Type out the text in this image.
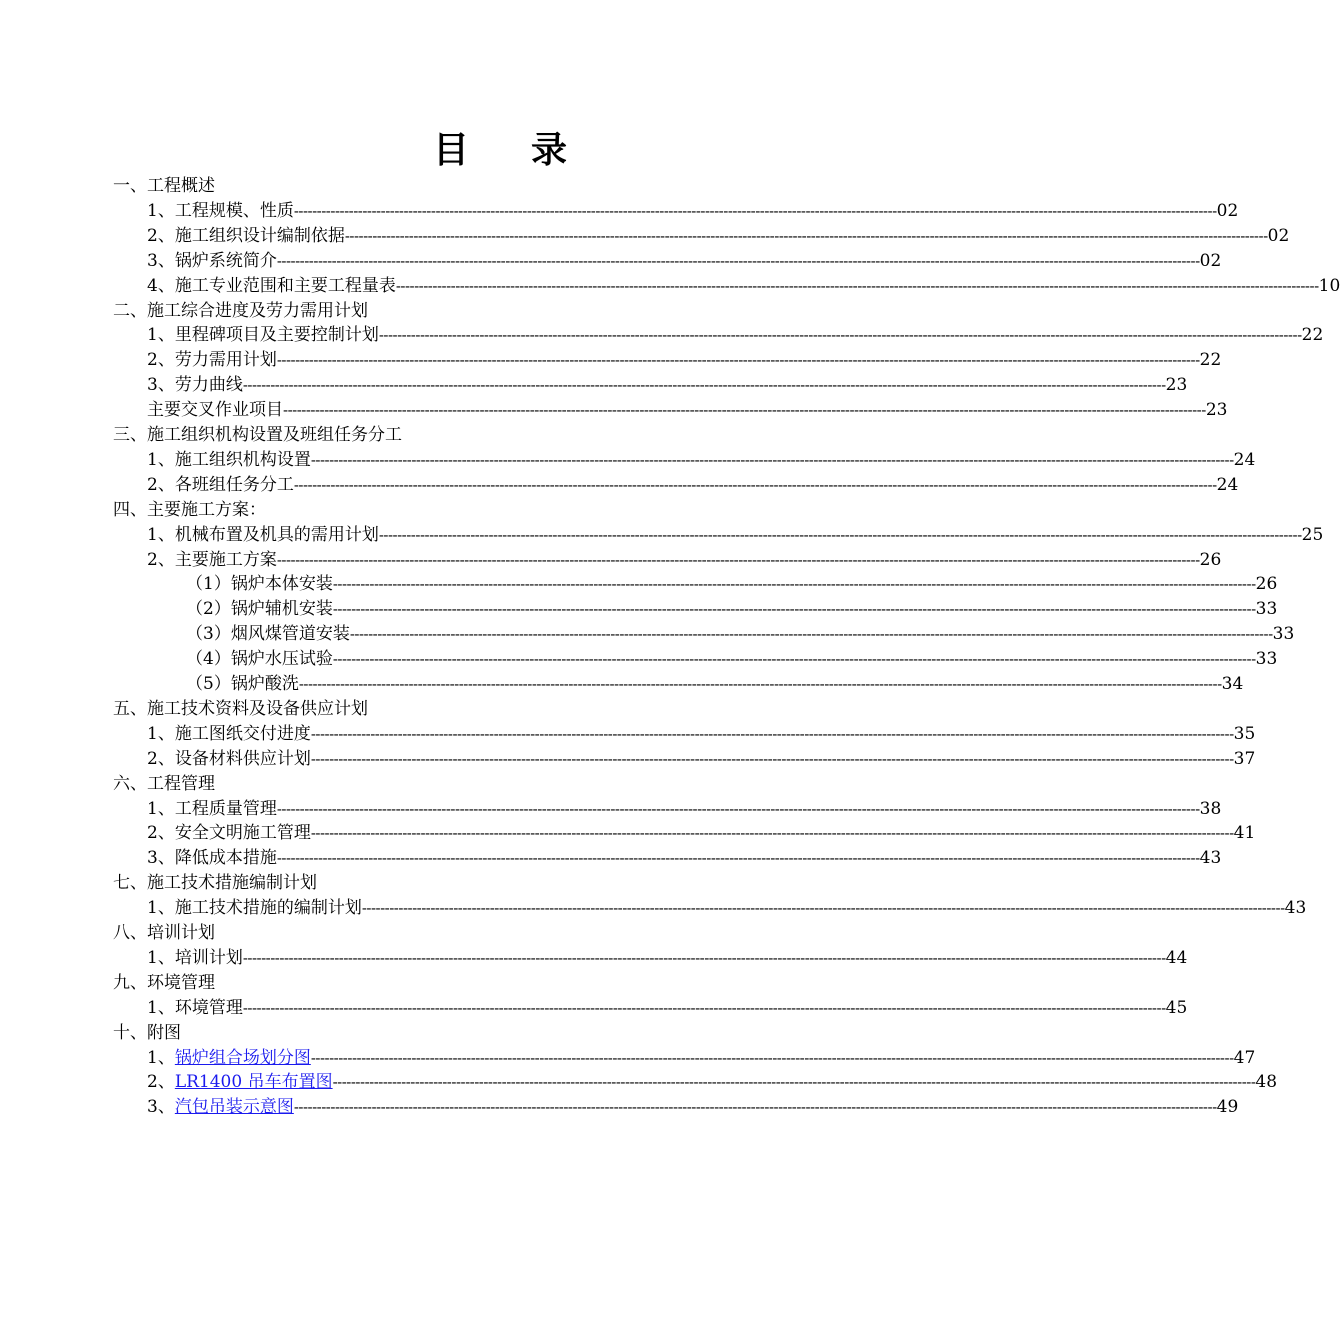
目 录
一、工程概述
1、工程规模、性质 ---------------------------------------------------------------------------------------------------------------------------------------------------------------------------------------------------------- 02
2、施工组织设计编制依据 ---------------------------------------------------------------------------------------------------------------------------------------------------------------------------------------------------------- 02
3、锅炉系统简介 ---------------------------------------------------------------------------------------------------------------------------------------------------------------------------------------------------------- 02
4、施工专业范围和主要工程量表 ---------------------------------------------------------------------------------------------------------------------------------------------------------------------------------------------------------- 10
二、施工综合进度及劳力需用计划
1、里程碑项目及主要控制计划 ---------------------------------------------------------------------------------------------------------------------------------------------------------------------------------------------------------- 22
2、劳力需用计划 ---------------------------------------------------------------------------------------------------------------------------------------------------------------------------------------------------------- 22
3、劳力曲线 ---------------------------------------------------------------------------------------------------------------------------------------------------------------------------------------------------------- 23
主要交叉作业项目 ---------------------------------------------------------------------------------------------------------------------------------------------------------------------------------------------------------- 23
三、施工组织机构设置及班组任务分工
1、施工组织机构设置 ---------------------------------------------------------------------------------------------------------------------------------------------------------------------------------------------------------- 24
2、各班组任务分工 ---------------------------------------------------------------------------------------------------------------------------------------------------------------------------------------------------------- 24
四、主要施工方案：
1、机械布置及机具的需用计划 ---------------------------------------------------------------------------------------------------------------------------------------------------------------------------------------------------------- 25
2、主要施工方案 ---------------------------------------------------------------------------------------------------------------------------------------------------------------------------------------------------------- 26
（1）锅炉本体安装 ---------------------------------------------------------------------------------------------------------------------------------------------------------------------------------------------------------- 26
（2）锅炉辅机安装 ---------------------------------------------------------------------------------------------------------------------------------------------------------------------------------------------------------- 33
（3）烟风煤管道安装 ---------------------------------------------------------------------------------------------------------------------------------------------------------------------------------------------------------- 33
（4）锅炉水压试验 ---------------------------------------------------------------------------------------------------------------------------------------------------------------------------------------------------------- 33
（5）锅炉酸洗 ---------------------------------------------------------------------------------------------------------------------------------------------------------------------------------------------------------- 34
五、施工技术资料及设备供应计划
1、施工图纸交付进度 ---------------------------------------------------------------------------------------------------------------------------------------------------------------------------------------------------------- 35
2、设备材料供应计划 ---------------------------------------------------------------------------------------------------------------------------------------------------------------------------------------------------------- 37
六、工程管理
1、工程质量管理 ---------------------------------------------------------------------------------------------------------------------------------------------------------------------------------------------------------- 38
2、安全文明施工管理 ---------------------------------------------------------------------------------------------------------------------------------------------------------------------------------------------------------- 41
3、降低成本措施 ---------------------------------------------------------------------------------------------------------------------------------------------------------------------------------------------------------- 43
七、施工技术措施编制计划
1、施工技术措施的编制计划 ---------------------------------------------------------------------------------------------------------------------------------------------------------------------------------------------------------- 43
八、培训计划
1、培训计划 ---------------------------------------------------------------------------------------------------------------------------------------------------------------------------------------------------------- 44
九、环境管理
1、环境管理 ---------------------------------------------------------------------------------------------------------------------------------------------------------------------------------------------------------- 45
十、附图
1、锅炉组合场划分图 ---------------------------------------------------------------------------------------------------------------------------------------------------------------------------------------------------------- 47
2、LR1400 吊车布置图 ---------------------------------------------------------------------------------------------------------------------------------------------------------------------------------------------------------- 48
3、汽包吊装示意图 ---------------------------------------------------------------------------------------------------------------------------------------------------------------------------------------------------------- 49
